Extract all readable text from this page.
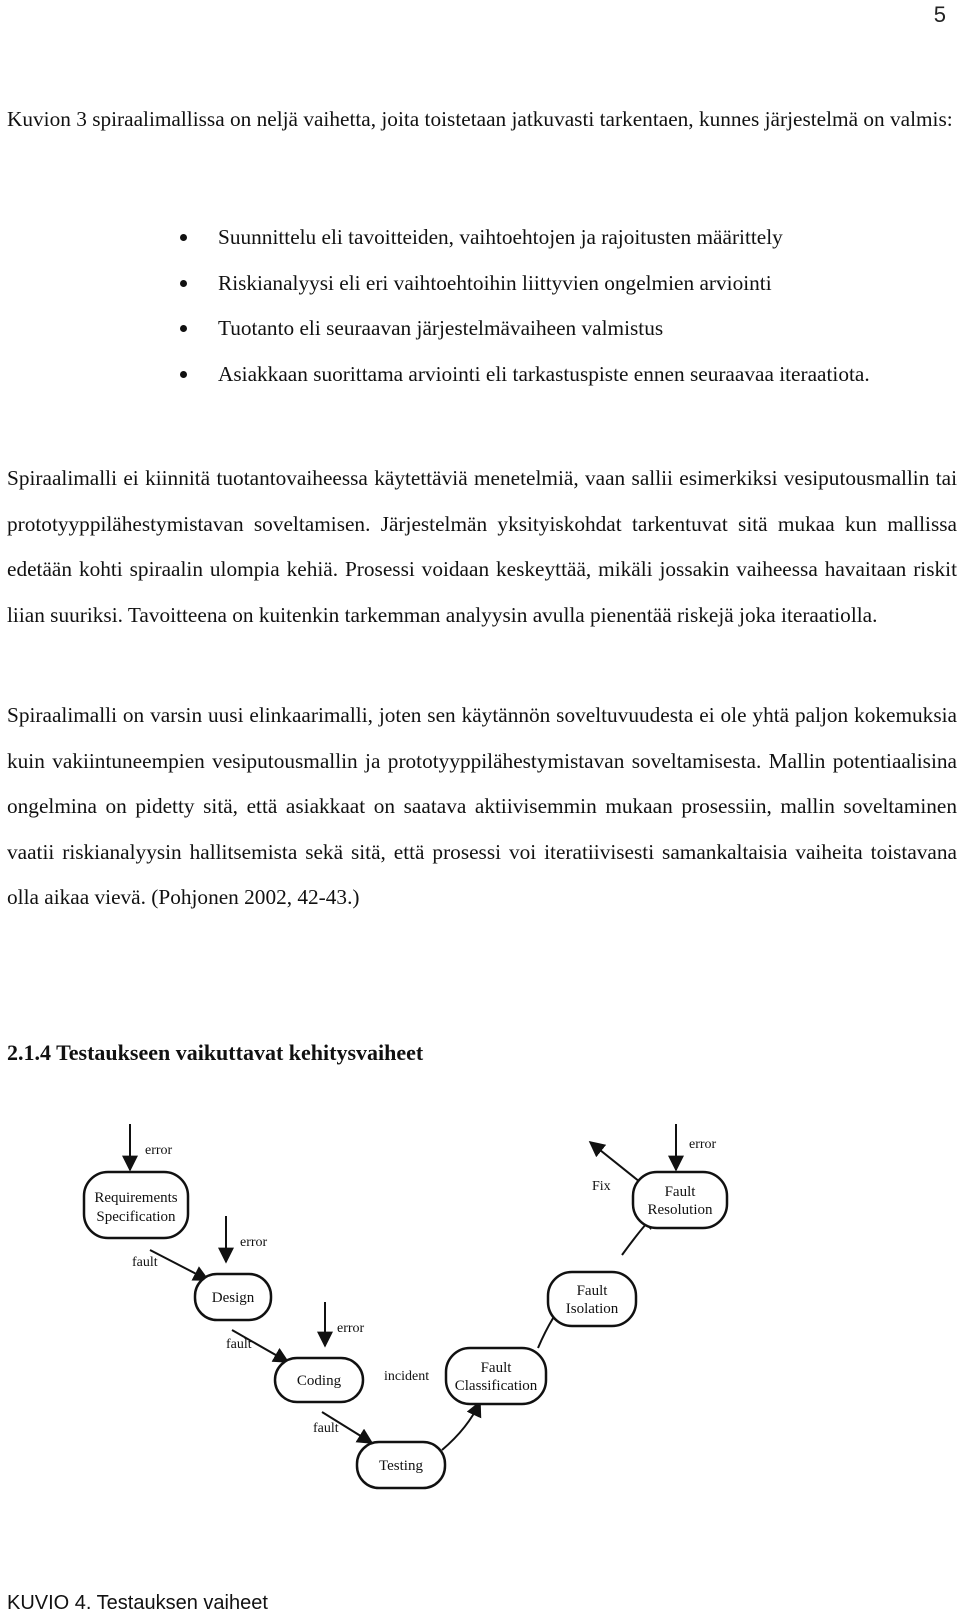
5

Kuvion 3 spiraalimallissa on neljä vaihetta, joita toistetaan jatkuvasti tarkentaen, kunnes järjestelmä on valmis:

Suunnittelu eli tavoitteiden, vaihtoehtojen ja rajoitusten määrittely
Riskianalyysi eli eri vaihtoehtoihin liittyvien ongelmien arviointi
Tuotanto eli seuraavan järjestelmävaiheen valmistus
Asiakkaan suorittama arviointi eli tarkastuspiste ennen seuraavaa iteraatiota.

Spiraalimalli ei kiinnitä tuotantovaiheessa käytettäviä menetelmiä, vaan sallii esimerkiksi vesiputousmallin tai prototyyppilähestymistavan soveltamisen. Järjestelmän yksityiskohdat tarkentuvat sitä mukaa kun mallissa edetään kohti spiraalin ulompia kehiä. Prosessi voidaan keskeyttää, mikäli jossakin vaiheessa havaitaan riskit liian suuriksi. Tavoitteena on kuitenkin tarkemman analyysin avulla pienentää riskejä joka iteraatiolla.

Spiraalimalli on varsin uusi elinkaarimalli, joten sen käytännön soveltuvuudesta ei ole yhtä paljon kokemuksia kuin vakiintuneempien vesiputousmallin ja prototyyppilähestymistavan soveltamisesta. Mallin potentiaalisina ongelmina on pidetty sitä, että asiakkaat on saatava aktiivisemmin mukaan prosessiin, mallin soveltaminen vaatii riskianalyysin hallitsemista sekä sitä, että prosessi voi iteratiivisesti samankaltaisia vaiheita toistavana olla aikaa vievä. (Pohjonen 2002, 42-43.)

2.1.4 Testaukseen vaikuttavat kehitysvaiheet
Requirements
Specification
Design
Coding
Testing
Fault
Classification
Fault
Isolation
Fault
Resolution
error
error
error
error
fault
fault
fault
incident
Fix

KUVIO 4. Testauksen vaiheet
